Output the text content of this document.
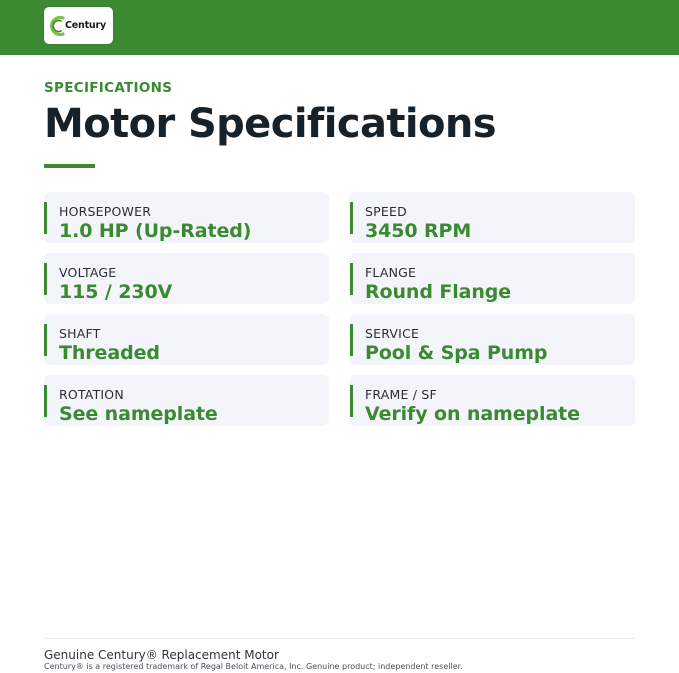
Century
SPECIFICATIONS
Motor Specifications
HORSEPOWER
1.0 HP (Up-Rated)
SPEED
3450 RPM
VOLTAGE
115 / 230V
FLANGE
Round Flange
SHAFT
Threaded
SERVICE
Pool & Spa Pump
ROTATION
See nameplate
FRAME / SF
Verify on nameplate
Genuine Century® Replacement Motor
Century® is a registered trademark of Regal Beloit America, Inc. Genuine product; independent reseller.
